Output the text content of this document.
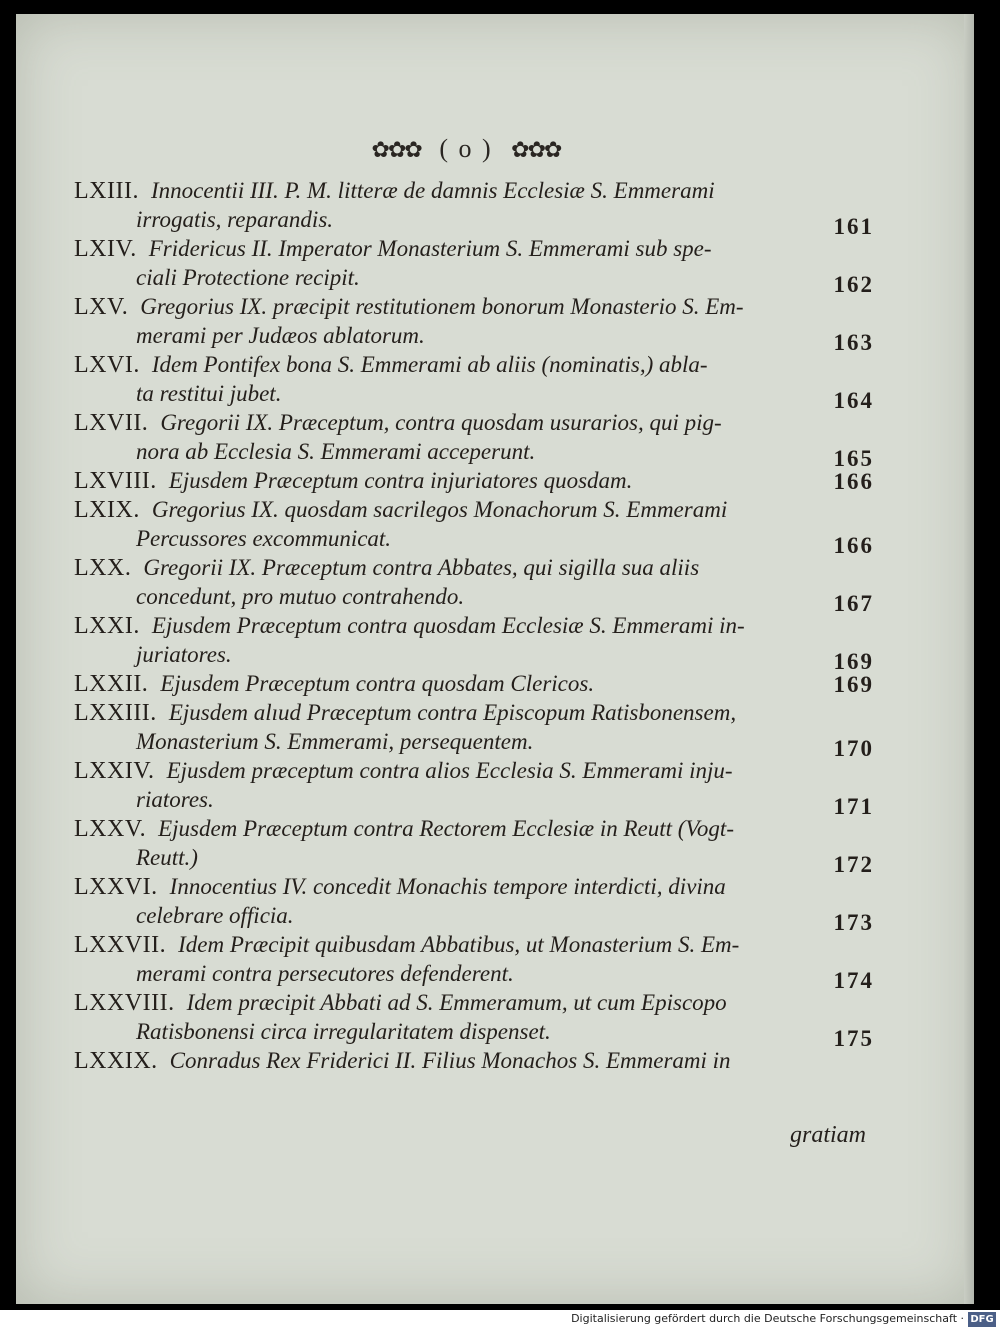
✿✿✿ ( o ) ✿✿✿
LXIII. Innocentii III. P. M. litteræ de damnis Ecclesiæ S. Emmerami
irrogatis, reparandis.	161
LXIV. Fridericus II. Imperator Monasterium S. Emmerami sub spe-
ciali Protectione recipit.	162
LXV. Gregorius IX. præcipit restitutionem bonorum Monasterio S. Em-
merami per Judæos ablatorum.	163
LXVI. Idem Pontifex bona S. Emmerami ab aliis (nominatis,) abla-
ta restitui jubet.	164
LXVII. Gregorii IX. Præceptum, contra quosdam usurarios, qui pig-
nora ab Ecclesia S. Emmerami acceperunt.	165
LXVIII. Ejusdem Præceptum contra injuriatores quosdam.	166
LXIX. Gregorius IX. quosdam sacrilegos Monachorum S. Emmerami
Percussores excommunicat.	166
LXX. Gregorii IX. Præceptum contra Abbates, qui sigilla sua aliis
concedunt, pro mutuo contrahendo.	167
LXXI. Ejusdem Præceptum contra quosdam Ecclesiæ S. Emmerami in-
juriatores.	169
LXXII. Ejusdem Præceptum contra quosdam Clericos.	169
LXXIII. Ejusdem alıud Præceptum contra Episcopum Ratisbonensem,
Monasterium S. Emmerami, persequentem.	170
LXXIV. Ejusdem præceptum contra alios Ecclesia S. Emmerami inju-
riatores.	171
LXXV. Ejusdem Præceptum contra Rectorem Ecclesiæ in Reutt (Vogt-
Reutt.)	172
LXXVI. Innocentius IV. concedit Monachis tempore interdicti, divina
celebrare officia.	173
LXXVII. Idem Præcipit quibusdam Abbatibus, ut Monasterium S. Em-
merami contra persecutores defenderent.	174
LXXVIII. Idem præcipit Abbati ad S. Emmeramum, ut cum Episcopo
Ratisbonensi circa irregularitatem dispenset.	175
LXXIX. Conradus Rex Friderici II. Filius Monachos S. Emmerami in
gratiam
Digitalisierung gefördert durch die Deutsche Forschungsgemeinschaft · DFG
